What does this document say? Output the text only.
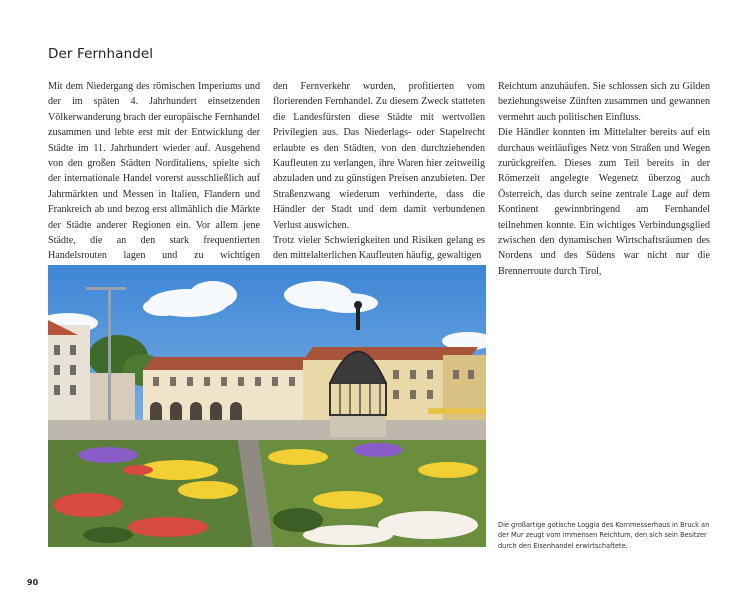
Der Fernhandel

Mit dem Niedergang des römischen Imperiums und der im späten 4. Jahrhundert einsetzenden Völkerwanderung brach der europäische Fernhandel zusammen und lebte erst mit der Entwicklung der Städte im 11. Jahrhundert wieder auf. Ausgehend von den großen Städten Norditaliens, spielte sich der internationale Handel vorerst ausschließlich auf Jahrmärkten und Messen in Italien, Flandern und Frankreich ab und bezog erst allmählich die Märkte der Städte anderer Regionen ein. Vor allem jene Städte, die an den stark frequentierten Handelsrouten lagen und zu wichtigen

den Fernverkehr wurden, profitierten vom florierenden Fernhandel. Zu diesem Zweck statteten die Landesfürsten diese Städte mit wertvollen Privilegien aus. Das Niederlags- oder Stapelrecht erlaubte es den Städten, von den durchziehenden Kaufleuten zu verlangen, ihre Waren hier zeitweilig abzuladen und zu günstigen Preisen anzubieten. Der Straßenzwang wiederum verhinderte, dass die Händler der Stadt und dem damit verbundenen Verlust auswichen.
Trotz vieler Schwierigkeiten und Risiken gelang es den mittelalterlichen Kaufleuten häufig, gewaltigen

Reichtum anzuhäufen. Sie schlossen sich zu Gilden beziehungsweise Zünften zusammen und gewannen vermehrt auch politischen Einfluss.
Die Händler konnten im Mittelalter bereits auf ein durchaus weitläufiges Netz von Straßen und Wegen zurückgreifen. Dieses zum Teil bereits in der Römerzeit angelegte Wegenetz überzog auch Österreich, das durch seine zentrale Lage auf dem Kontinent gewinnbringend am Fernhandel teilnehmen konnte. Ein wichtiges Verbindungsglied zwischen den dynamischen Wirtschaftsräumen des Nordens und des Südens war nicht nur die Brennerroute durch Tirol,

Die großartige gotische Loggia des Kornmesserhaus in Bruck an der Mur zeugt vom immensen Reichtum, den sich sein Besitzer durch den Eisenhandel erwirtschaftete.

90
